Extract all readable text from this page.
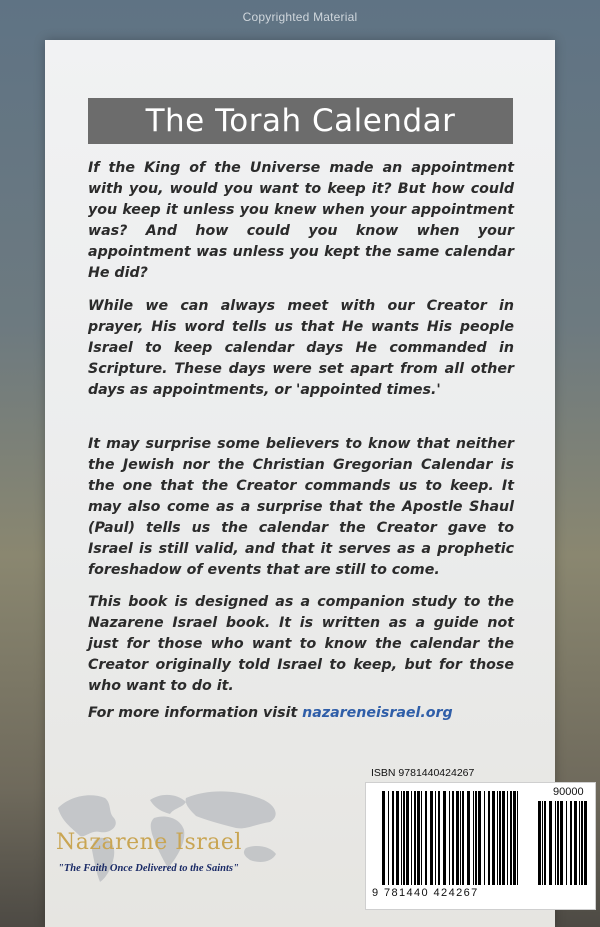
Copyrighted Material
The Torah Calendar

If the King of the Universe made an appointment with you, would you want to keep it? But how could you keep it unless you knew when your appointment was? And how could you know when your appointment was unless you kept the same calendar He did?

While we can always meet with our Creator in prayer, His word tells us that He wants His people Israel to keep calendar days He commanded in Scripture. These days were set apart from all other days as appointments, or 'appointed times.'

It may surprise some believers to know that neither the Jewish nor the Christian Gregorian Calendar is the one that the Creator commands us to keep. It may also come as a surprise that the Apostle Shaul (Paul) tells us the calendar the Creator gave to Israel is still valid, and that it serves as a prophetic foreshadow of events that are still to come.

This book is designed as a companion study to the Nazarene Israel book. It is written as a guide not just for those who want to know the calendar the Creator originally told Israel to keep, but for those who want to do it.

For more information visit nazareneisrael.org

Nazarene Israel
"The Faith Once Delivered to the Saints"
ISBN 9781440424267
90000
9 781440 424267
